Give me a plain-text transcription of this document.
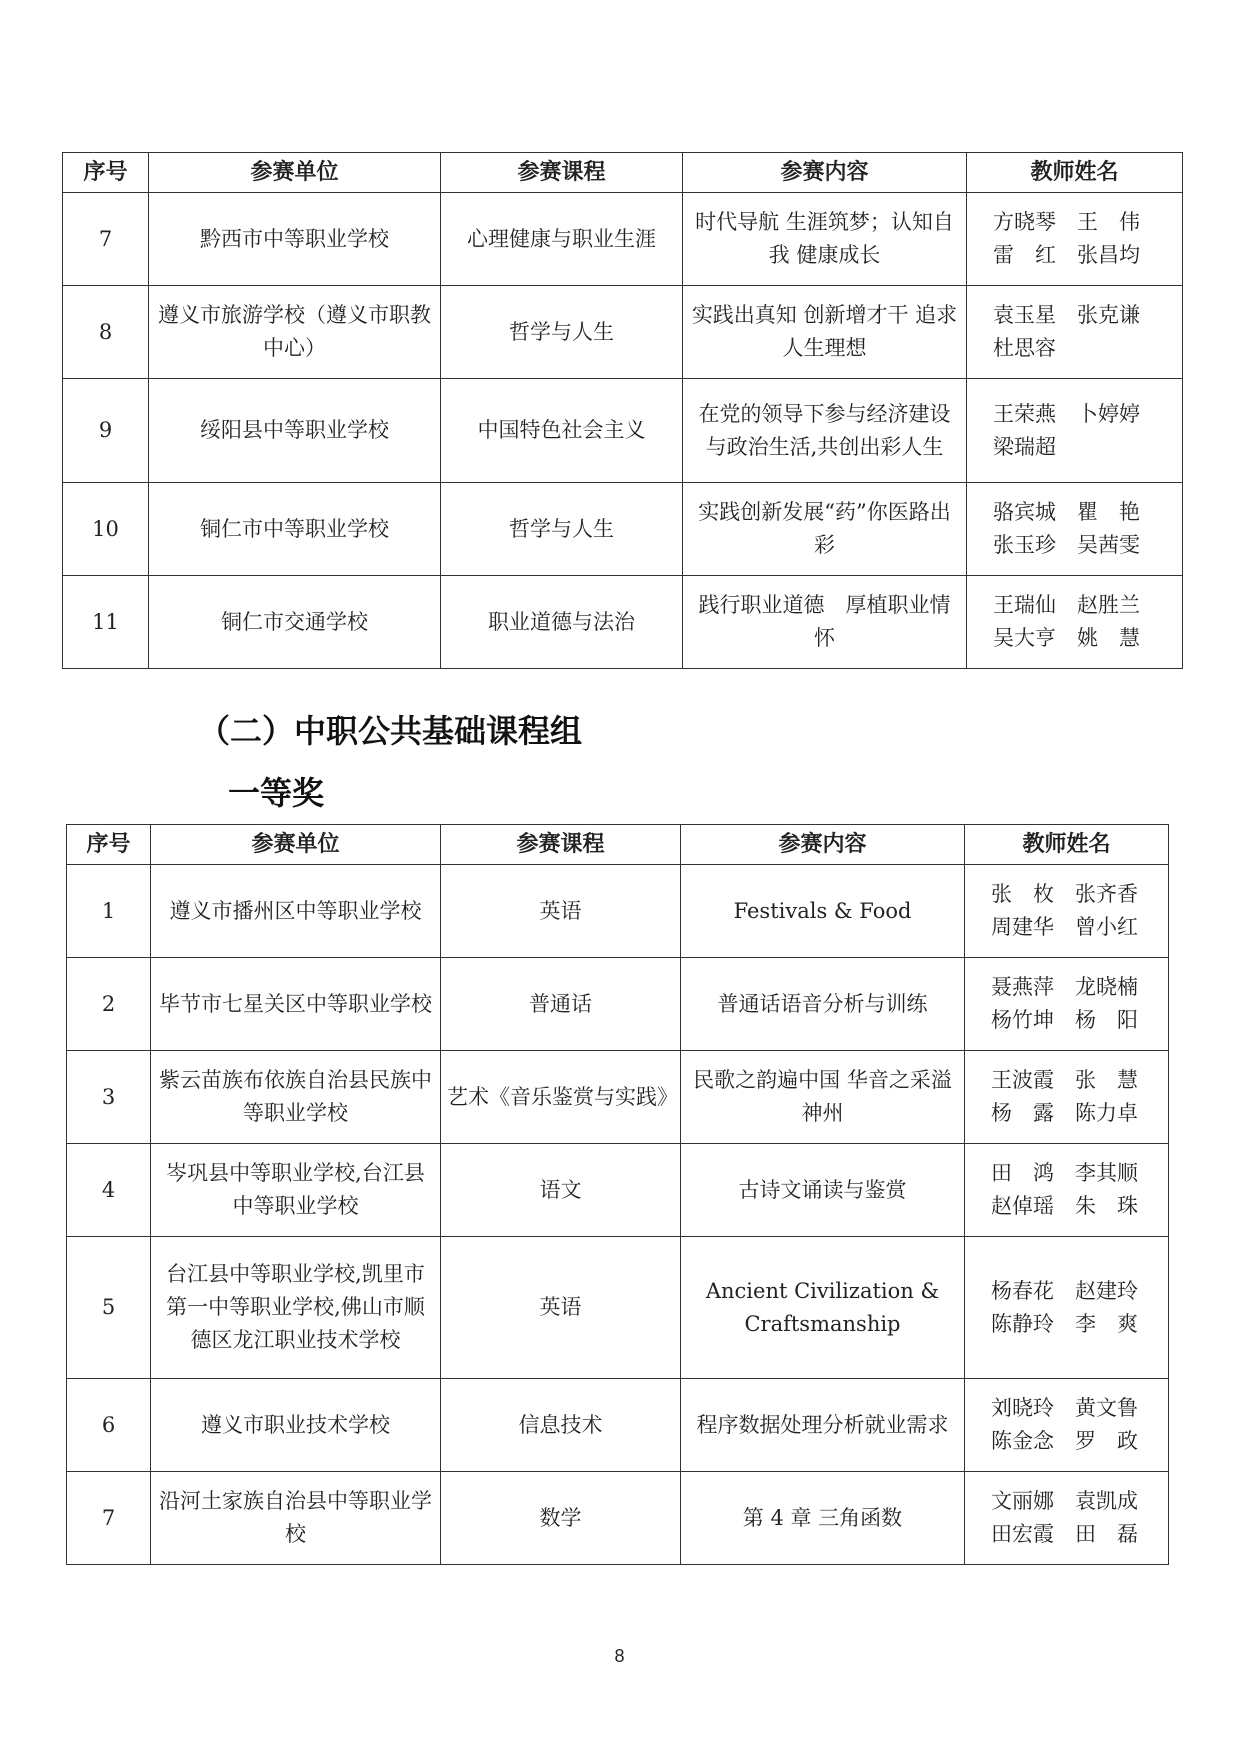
序号	参赛单位	参赛课程	参赛内容	教师姓名
7	黔西市中等职业学校	心理健康与职业生涯	时代导航 生涯筑梦；认知自我 健康成长	方晓琴　王　伟
雷　红　张昌均

8	遵义市旅游学校（遵义市职教中心）	哲学与人生	实践出真知 创新增才干 追求人生理想	袁玉星　张克谦
杜思容

9	绥阳县中等职业学校	中国特色社会主义	在党的领导下参与经济建设与政治生活,共创出彩人生	王荣燕　卜婷婷
梁瑞超

10	铜仁市中等职业学校	哲学与人生	实践创新发展“药”你医路出彩	骆宾城　瞿　艳
张玉珍　吴茜雯

11	铜仁市交通学校	职业道德与法治	践行职业道德　厚植职业情怀	王瑞仙　赵胜兰
吴大亨　姚　慧
（二）中职公共基础课程组
一等奖
序号	参赛单位	参赛课程	参赛内容	教师姓名
1	遵义市播州区中等职业学校	英语	Festivals & Food	张　枚　张齐香
周建华　曾小红

2	毕节市七星关区中等职业学校	普通话	普通话语音分析与训练	聂燕萍　龙晓楠
杨竹坤　杨　阳

3	紫云苗族布依族自治县民族中等职业学校	艺术《音乐鉴赏与实践》	民歌之韵遍中国 华音之采溢神州	王波霞　张　慧
杨　露　陈力卓

4	岑巩县中等职业学校,台江县中等职业学校	语文	古诗文诵读与鉴赏	田　鸿　李其顺
赵倬瑶　朱　珠

5	台江县中等职业学校,凯里市第一中等职业学校,佛山市顺德区龙江职业技术学校	英语	Ancient Civilization & Craftsmanship	杨春花　赵建玲
陈静玲　李　爽

6	遵义市职业技术学校	信息技术	程序数据处理分析就业需求	刘晓玲　黄文鲁
陈金念　罗　政

7	沿河土家族自治县中等职业学校	数学	第 4 章 三角函数	文丽娜　袁凯成
田宏霞　田　磊
8
